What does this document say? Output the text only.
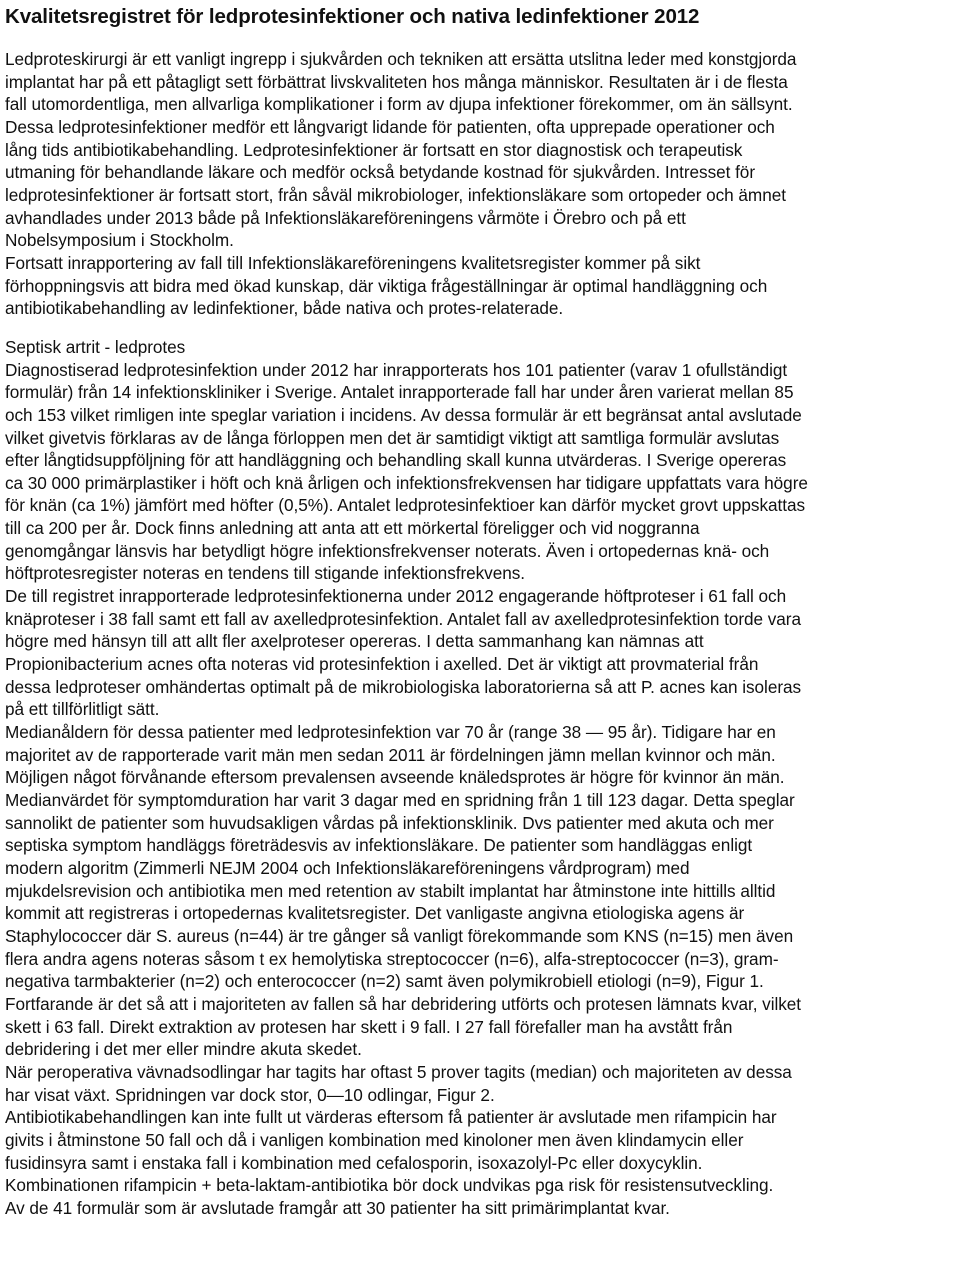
Kvalitetsregistret för ledprotesinfektioner och nativa ledinfektioner 2012

Ledproteskirurgi är ett vanligt ingrepp i sjukvården och tekniken att ersätta utslitna leder med konstgjorda
implantat har på ett påtagligt sett förbättrat livskvaliteten hos många människor. Resultaten är i de flesta
fall utomordentliga, men allvarliga komplikationer i form av djupa infektioner förekommer, om än sällsynt.
Dessa ledprotesinfektioner medför ett långvarigt lidande för patienten, ofta upprepade operationer och
lång tids antibiotikabehandling. Ledprotesinfektioner är fortsatt en stor diagnostisk och terapeutisk
utmaning för behandlande läkare och medför också betydande kostnad för sjukvården. Intresset för
ledprotesinfektioner är fortsatt stort, från såväl mikrobiologer, infektionsläkare som ortopeder och ämnet
avhandlades under 2013 både på Infektionsläkareföreningens vårmöte i Örebro och på ett
Nobelsymposium i Stockholm.

Fortsatt inrapportering av fall till Infektionsläkareföreningens kvalitetsregister kommer på sikt
förhoppningsvis att bidra med ökad kunskap, där viktiga frågeställningar är optimal handläggning och
antibiotikabehandling av ledinfektioner, både nativa och protes-relaterade.

Septisk artrit - ledprotes

Diagnostiserad ledprotesinfektion under 2012 har inrapporterats hos 101 patienter (varav 1 ofullständigt
formulär) från 14 infektionskliniker i Sverige. Antalet inrapporterade fall har under åren varierat mellan 85
och 153 vilket rimligen inte speglar variation i incidens. Av dessa formulär är ett begränsat antal avslutade
vilket givetvis förklaras av de långa förloppen men det är samtidigt viktigt att samtliga formulär avslutas
efter långtidsuppföljning för att handläggning och behandling skall kunna utvärderas. I Sverige opereras
ca 30 000 primärplastiker i höft och knä årligen och infektionsfrekvensen har tidigare uppfattats vara högre
för knän (ca 1%) jämfört med höfter (0,5%). Antalet ledprotesinfektioer kan därför mycket grovt uppskattas
till ca 200 per år. Dock finns anledning att anta att ett mörkertal föreligger och vid noggranna
genomgångar länsvis har betydligt högre infektionsfrekvenser noterats. Även i ortopedernas knä- och
höftprotesregister noteras en tendens till stigande infektionsfrekvens.

De till registret inrapporterade ledprotesinfektionerna under 2012 engagerande höftproteser i 61 fall och
knäproteser i 38 fall samt ett fall av axelledprotesinfektion. Antalet fall av axelledprotesinfektion torde vara
högre med hänsyn till att allt fler axelproteser opereras. I detta sammanhang kan nämnas att
Propionibacterium acnes ofta noteras vid protesinfektion i axelled. Det är viktigt att provmaterial från
dessa ledproteser omhändertas optimalt på de mikrobiologiska laboratorierna så att P. acnes kan isoleras
på ett tillförlitligt sätt.

Medianåldern för dessa patienter med ledprotesinfektion var 70 år (range 38 — 95 år). Tidigare har en
majoritet av de rapporterade varit män men sedan 2011 är fördelningen jämn mellan kvinnor och män.
Möjligen något förvånande eftersom prevalensen avseende knäledsprotes är högre för kvinnor än män.

Medianvärdet för symptomduration har varit 3 dagar med en spridning från 1 till 123 dagar. Detta speglar
sannolikt de patienter som huvudsakligen vårdas på infektionsklinik. Dvs patienter med akuta och mer
septiska symptom handläggs företrädesvis av infektionsläkare. De patienter som handläggas enligt
modern algoritm (Zimmerli NEJM 2004 och Infektionsläkareföreningens vårdprogram) med
mjukdelsrevision och antibiotika men med retention av stabilt implantat har åtminstone inte hittills alltid
kommit att registreras i ortopedernas kvalitetsregister. Det vanligaste angivna etiologiska agens är
Staphylococcer där S. aureus (n=44) är tre gånger så vanligt förekommande som KNS (n=15) men även
flera andra agens noteras såsom t ex hemolytiska streptococcer (n=6), alfa-streptococcer (n=3), gram-
negativa tarmbakterier (n=2) och enterococcer (n=2) samt även polymikrobiell etiologi (n=9), Figur 1.

Fortfarande är det så att i majoriteten av fallen så har debridering utförts och protesen lämnats kvar, vilket
skett i 63 fall. Direkt extraktion av protesen har skett i 9 fall. I 27 fall förefaller man ha avstått från
debridering i det mer eller mindre akuta skedet.

När peroperativa vävnadsodlingar har tagits har oftast 5 prover tagits (median) och majoriteten av dessa
har visat växt. Spridningen var dock stor, 0—10 odlingar, Figur 2.

Antibiotikabehandlingen kan inte fullt ut värderas eftersom få patienter är avslutade men rifampicin har
givits i åtminstone 50 fall och då i vanligen kombination med kinoloner men även klindamycin eller
fusidinsyra samt i enstaka fall i kombination med cefalosporin, isoxazolyl-Pc eller doxycyklin.

Kombinationen rifampicin + beta-laktam-antibiotika bör dock undvikas pga risk för resistensutveckling.

Av de 41 formulär som är avslutade framgår att 30 patienter ha sitt primärimplantat kvar.
